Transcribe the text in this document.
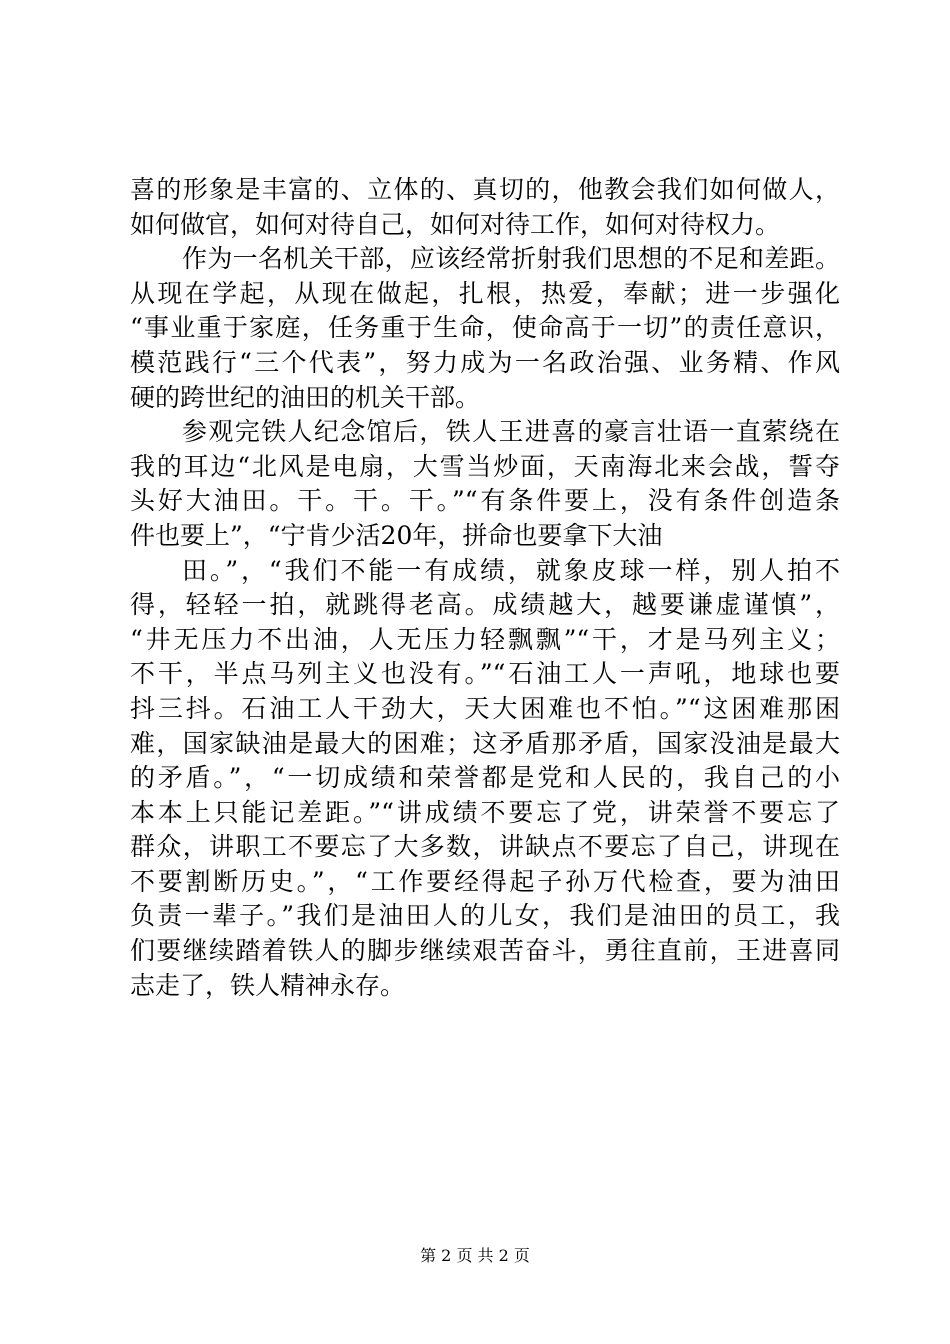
喜的形象是丰富的、立体的、真切的，他教会我们如何做人，
如何做官，如何对待自己，如何对待工作，如何对待权力。
作为一名机关干部，应该经常折射我们思想的不足和差距。
从现在学起，从现在做起，扎根，热爱，奉献；进一步强化
“事业重于家庭，任务重于生命，使命高于一切”的责任意识，
模范践行“三个代表”，努力成为一名政治强、业务精、作风
硬的跨世纪的油田的机关干部。
参观完铁人纪念馆后，铁人王进喜的豪言壮语一直萦绕在
我的耳边“北风是电扇，大雪当炒面，天南海北来会战，誓夺
头好大油田。干。干。干。”“有条件要上，没有条件创造条
件也要上”，“宁肯少活20年，拼命也要拿下大油
田。”，“我们不能一有成绩，就象皮球一样，别人拍不
得，轻轻一拍，就跳得老高。成绩越大，越要谦虚谨慎”，
“井无压力不出油，人无压力轻飘飘”“干，才是马列主义；
不干，半点马列主义也没有。”“石油工人一声吼，地球也要
抖三抖。石油工人干劲大，天大困难也不怕。”“这困难那困
难，国家缺油是最大的困难；这矛盾那矛盾，国家没油是最大
的矛盾。”，“一切成绩和荣誉都是党和人民的，我自己的小
本本上只能记差距。”“讲成绩不要忘了党，讲荣誉不要忘了
群众，讲职工不要忘了大多数，讲缺点不要忘了自己，讲现在
不要割断历史。”，“工作要经得起子孙万代检查，要为油田
负责一辈子。”我们是油田人的儿女，我们是油田的员工，我
们要继续踏着铁人的脚步继续艰苦奋斗，勇往直前，王进喜同
志走了，铁人精神永存。
第 2 页 共 2 页
